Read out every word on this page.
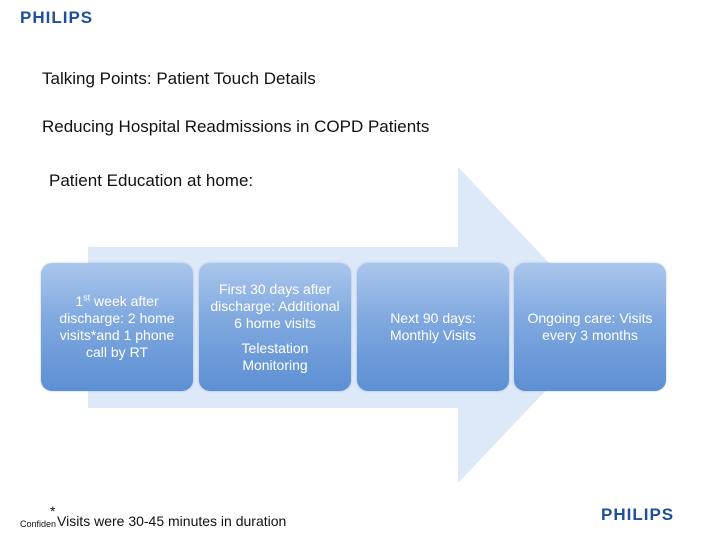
PHILIPS
Talking Points: Patient Touch Details
Reducing Hospital Readmissions in COPD Patients
Patient Education at home:
1st week after discharge: 2 home visits*and 1 phone call by RT
First 30 days after discharge: Additional 6 home visits
Telestation Monitoring
Next 90 days: Monthly Visits
Ongoing care: Visits every 3 months
Confiden
*
Visits were 30-45 minutes in duration	PHILIPS
